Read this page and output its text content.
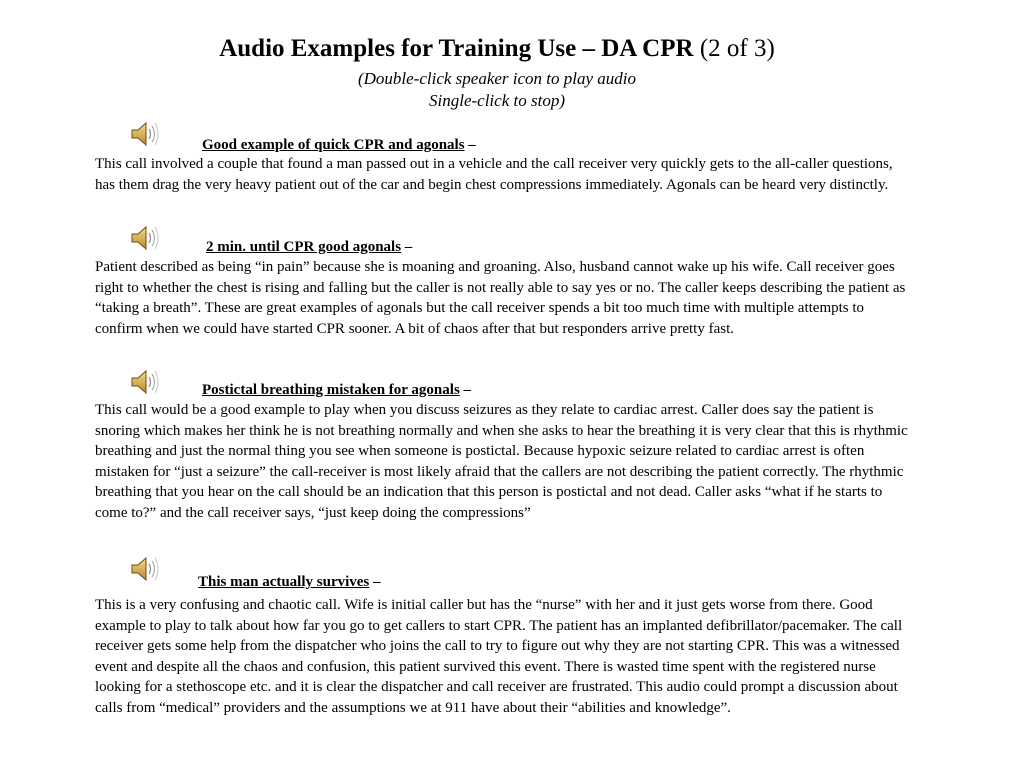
Audio Examples for Training Use – DA CPR (2 of 3)
(Double-click speaker icon to play audio
Single-click to stop)
Good example of quick CPR and agonals –
This call involved a couple that found a man passed out in a vehicle and the call receiver very quickly gets to the all-caller questions, has them drag the very heavy patient out of the car and begin chest compressions immediately. Agonals can be heard very distinctly.
2 min. until CPR good agonals –
Patient described as being “in pain” because she is moaning and groaning. Also, husband cannot wake up his wife. Call receiver goes right to whether the chest is rising and falling but the caller is not really able to say yes or no. The caller keeps describing the patient as “taking a breath”. These are great examples of agonals but the call receiver spends a bit too much time with multiple attempts to confirm when we could have started CPR sooner. A bit of chaos after that but responders arrive pretty fast.
Postictal breathing mistaken for agonals –
This call would be a good example to play when you discuss seizures as they relate to cardiac arrest. Caller does say the patient is snoring which makes her think he is not breathing normally and when she asks to hear the breathing it is very clear that this is rhythmic breathing and just the normal thing you see when someone is postictal. Because hypoxic seizure related to cardiac arrest is often mistaken for “just a seizure” the call-receiver is most likely afraid that the callers are not describing the patient correctly. The rhythmic breathing that you hear on the call should be an indication that this person is postictal and not dead. Caller asks “what if he starts to come to?” and the call receiver says, “just keep doing the compressions”
This man actually survives –
This is a very confusing and chaotic call. Wife is initial caller but has the “nurse” with her and it just gets worse from there. Good example to play to talk about how far you go to get callers to start CPR. The patient has an implanted defibrillator/pacemaker. The call receiver gets some help from the dispatcher who joins the call to try to figure out why they are not starting CPR. This was a witnessed event and despite all the chaos and confusion, this patient survived this event. There is wasted time spent with the registered nurse looking for a stethoscope etc. and it is clear the dispatcher and call receiver are frustrated. This audio could prompt a discussion about calls from “medical” providers and the assumptions we at 911 have about their “abilities and knowledge”.
